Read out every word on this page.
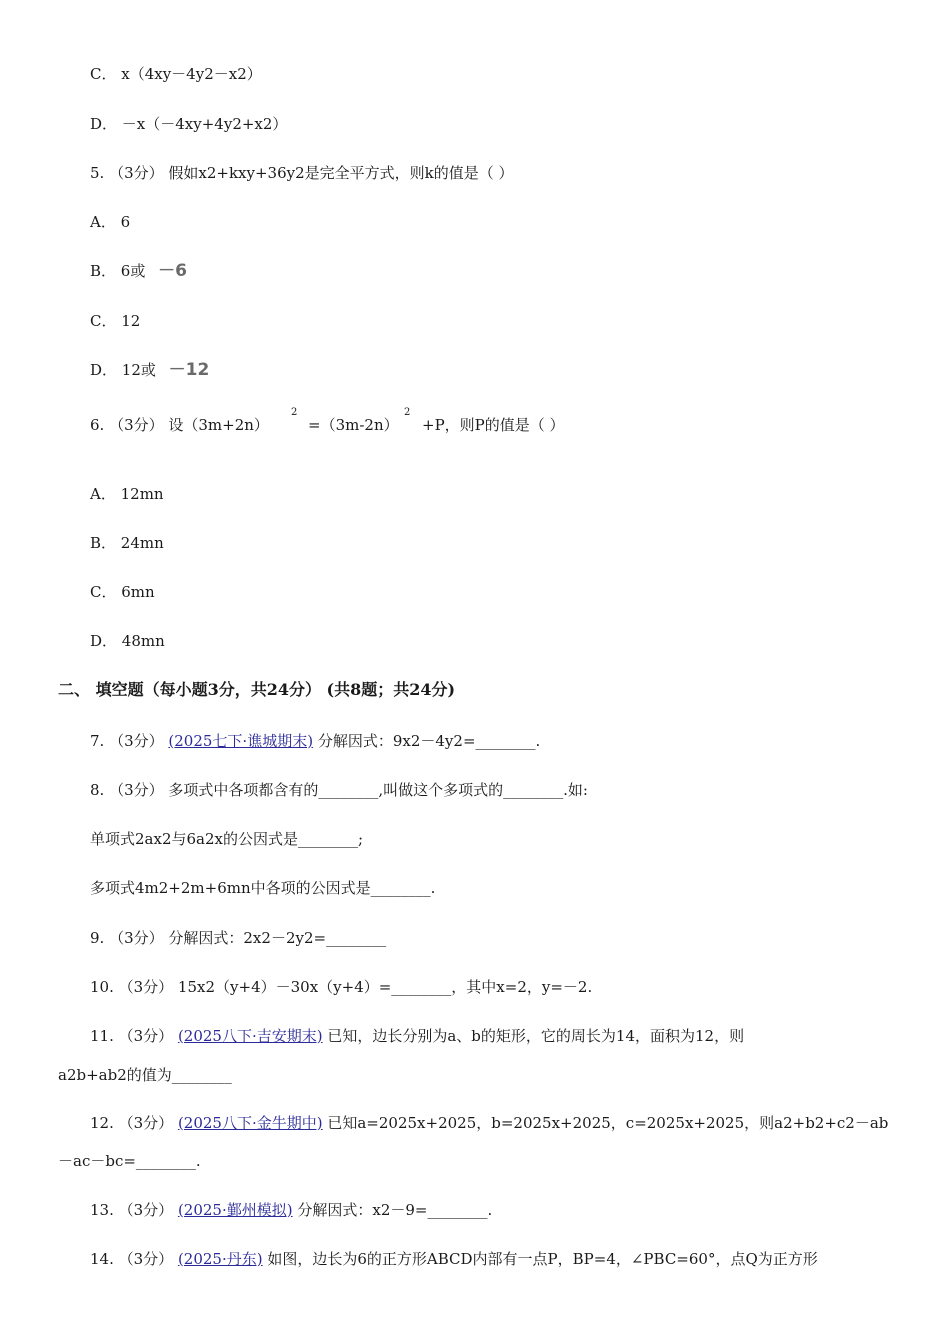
C． x（4xy－4y2－x2）
D． －x（－4xy+4y2+x2）
5. （3分） 假如x2+kxy+36y2是完全平方式，则k的值是（ ）
A． 6
B． 6或 －6
C． 12
D． 12或 －12
6. （3分） 设（3m+2n）
2
=（3m-2n）
2
+P，则P的值是（ ）
A． 12mn
B． 24mn
C． 6mn
D． 48mn
二、 填空题（每小题3分，共24分） (共8题；共24分)
7. （3分） (2025七下·谯城期末) 分解因式：9x2－4y2=________.
8. （3分） 多项式中各项都含有的________,叫做这个多项式的________.如:
单项式2ax2与6a2x的公因式是________;
多项式4m2+2m+6mn中各项的公因式是________.
9. （3分） 分解因式：2x2－2y2=________
10. （3分） 15x2（y+4）－30x（y+4）=________，其中x=2，y=－2.
11. （3分） (2025八下·吉安期末) 已知，边长分别为a、b的矩形，它的周长为14，面积为12，则
a2b+ab2的值为________
12. （3分） (2025八下·金牛期中) 已知a=2025x+2025，b=2025x+2025，c=2025x+2025，则a2+b2+c2－ab
－ac－bc=________.
13. （3分） (2025·鄞州模拟) 分解因式：x2－9=________.
14. （3分） (2025·丹东) 如图，边长为6的正方形ABCD内部有一点P，BP=4，∠PBC=60°，点Q为正方形
